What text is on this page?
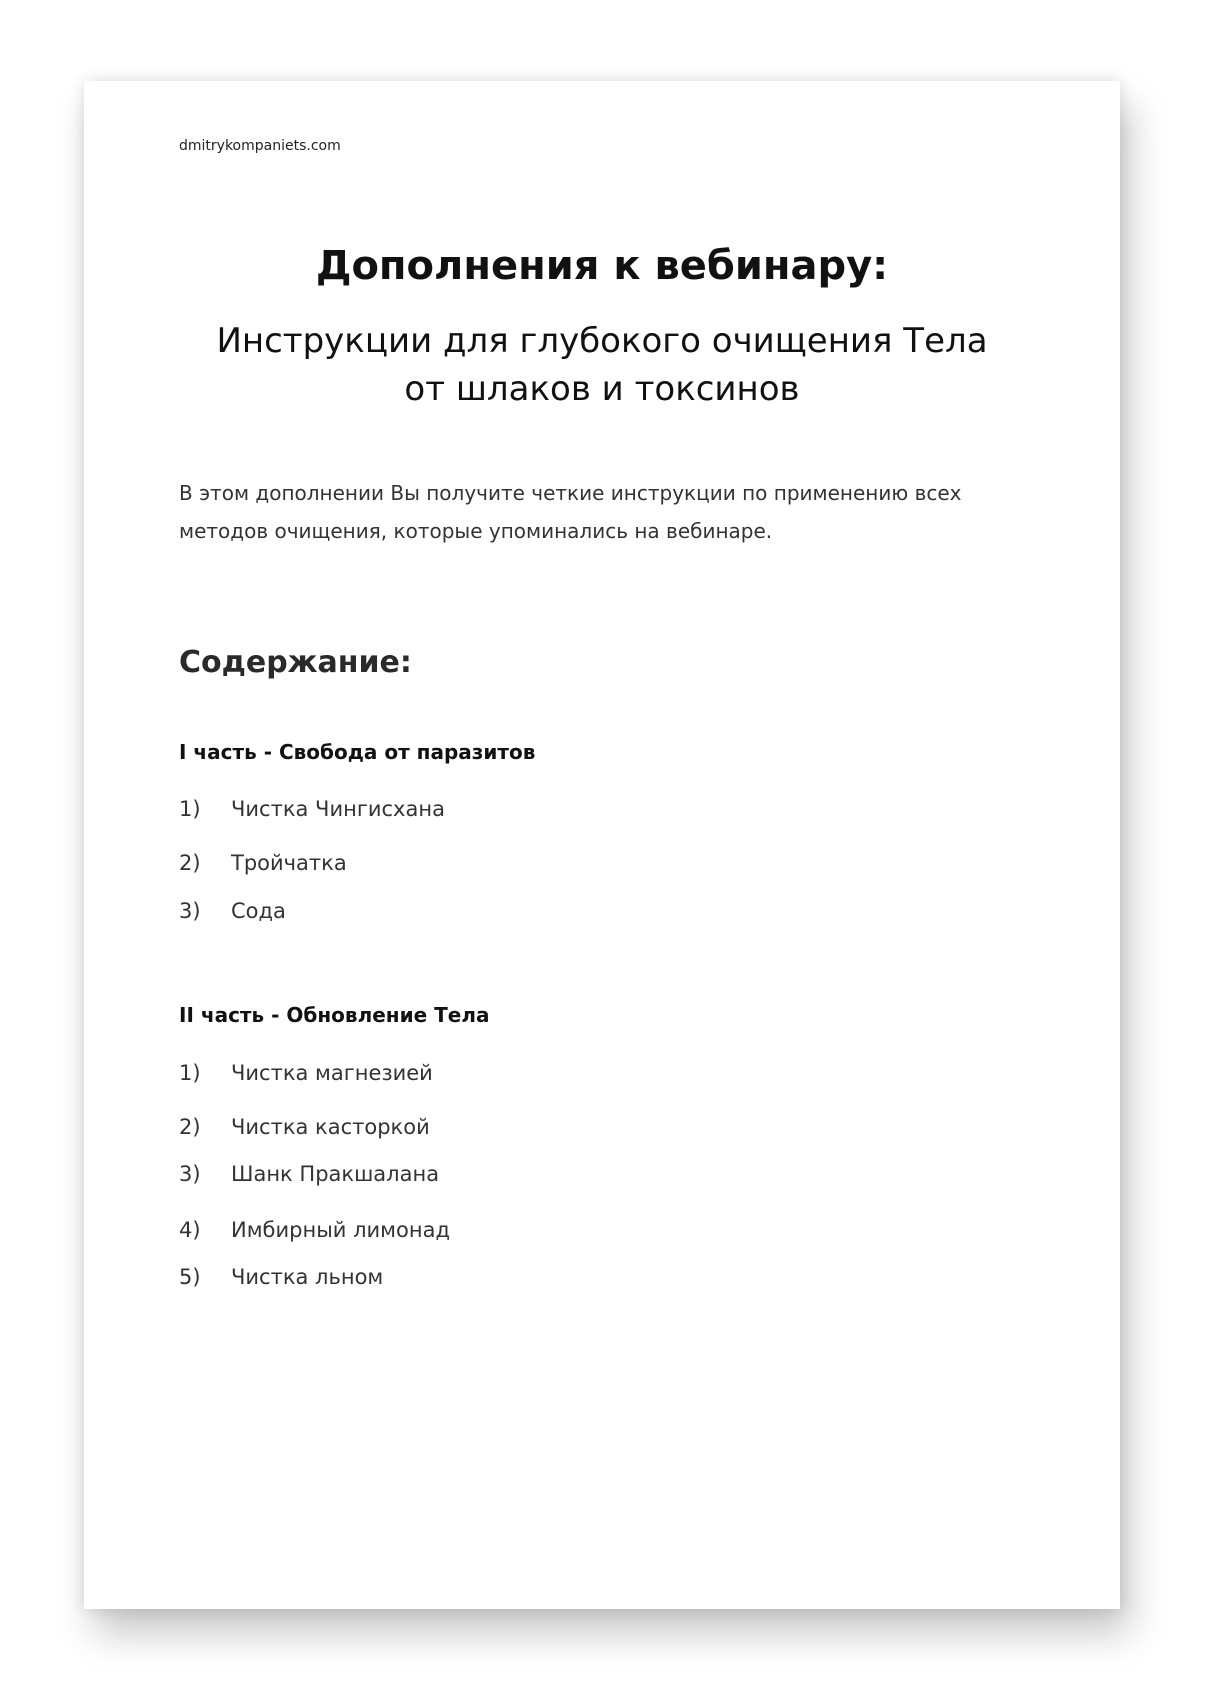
dmitrykompaniets.com

Дополнения к вебинару:
Инструкции для глубокого очищения Тела от шлаков и токсинов

В этом дополнении Вы получите четкие инструкции по применению всех методов очищения, которые упоминались на вебинаре.

Содержание:
I часть - Свобода от паразитов
1) Чистка Чингисхана
2) Тройчатка
3) Сода
II часть - Обновление Тела
1) Чистка магнезией
2) Чистка касторкой
3) Шанк Пракшалана
4) Имбирный лимонад
5) Чистка льном
